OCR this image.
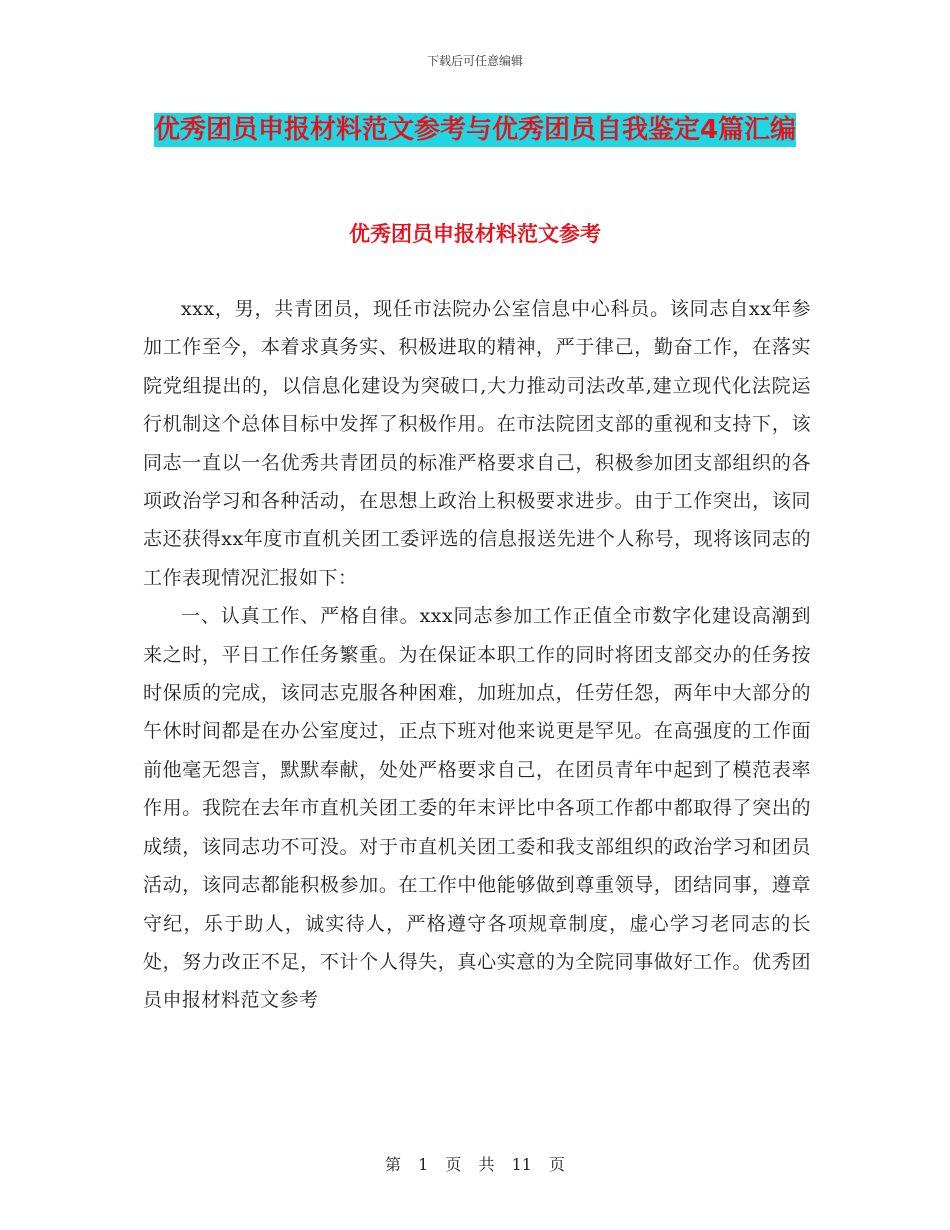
下载后可任意编辑
优秀团员申报材料范文参考与优秀团员自我鉴定4篇汇编
优秀团员申报材料范文参考

xxx，男，共青团员，现任市法院办公室信息中心科员。该同志自xx年参加工作至今，本着求真务实、积极进取的精神，严于律己，勤奋工作，在落实院党组提出的，以信息化建设为突破口,大力推动司法改革,建立现代化法院运行机制这个总体目标中发挥了积极作用。在市法院团支部的重视和支持下，该同志一直以一名优秀共青团员的标准严格要求自己，积极参加团支部组织的各项政治学习和各种活动，在思想上政治上积极要求进步。由于工作突出，该同志还获得xx年度市直机关团工委评选的信息报送先进个人称号，现将该同志的工作表现情况汇报如下：

一、认真工作、严格自律。xxx同志参加工作正值全市数字化建设高潮到来之时，平日工作任务繁重。为在保证本职工作的同时将团支部交办的任务按时保质的完成，该同志克服各种困难，加班加点，任劳任怨，两年中大部分的午休时间都是在办公室度过，正点下班对他来说更是罕见。在高强度的工作面前他毫无怨言，默默奉献，处处严格要求自己，在团员青年中起到了模范表率作用。我院在去年市直机关团工委的年末评比中各项工作都中都取得了突出的成绩，该同志功不可没。对于市直机关团工委和我支部组织的政治学习和团员活动，该同志都能积极参加。在工作中他能够做到尊重领导，团结同事，遵章守纪，乐于助人，诚实待人，严格遵守各项规章制度，虚心学习老同志的长处，努力改正不足，不计个人得失，真心实意的为全院同事做好工作。优秀团员申报材料范文参考

第 1 页 共 11 页
